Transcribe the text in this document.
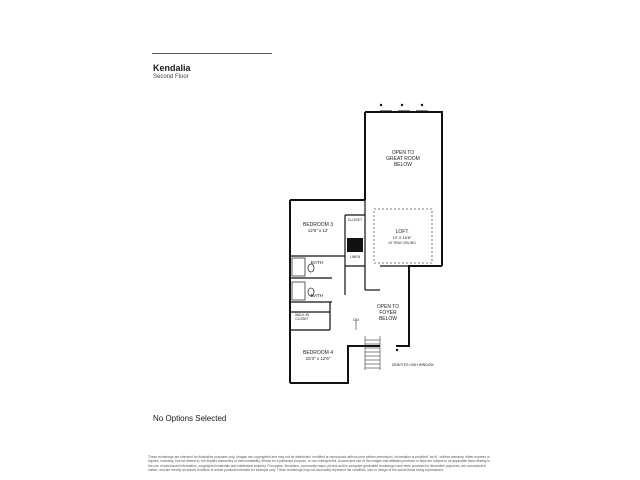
Kendalia
Second Floor
OPEN TO
GREAT ROOM
BELOW
CLOSET
BEDROOM 3
12'6" x 12'	LOFT
19' X 16'8"
10' TRAY CEILING
LINEN
BATH
BATH
WALK-IN
CLOSET
OPEN TO
FOYER
BELOW
DN
BEDROOM 4
15'3" x 12'6"
DENOTES HIGH WINDOW
No Options Selected
These renderings are intended for illustrative purposes only. Images are copyrighted and may not be distributed, modified or reproduced without prior written permission. Information is provided "as is", without warranty, either express or implied, including, but not limited to, the implied warranties of merchantability, fitness for a particular purpose, or non-infringement. Access and use of the images and affiliated products or links are subject to all applicable laws relating to the use of web-based information, copyrighted materials and intellectual property. Floorplans, floorplans, community maps, photos and/or computer generated renderings have been provided for illustrative purposes, are conceptual in nature, and are merely an artist's rendition of actual products intended for example only. These renderings may not accurately represent the condition, size or design of the actual items being represented.
